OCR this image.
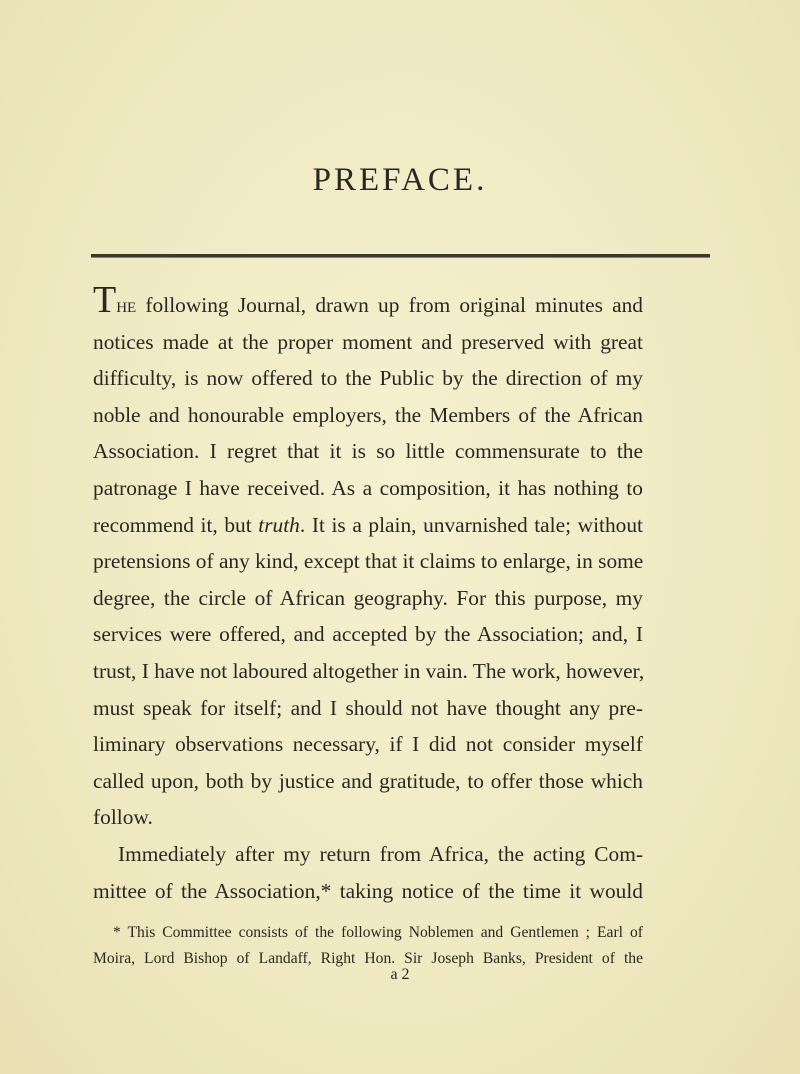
PREFACE.
The following Journal, drawn up from original minutes and
notices made at the proper moment and preserved with great
difficulty, is now offered to the Public by the direction of my
noble and honourable employers, the Members of the African
Association. I regret that it is so little commensurate to the
patronage I have received. As a composition, it has nothing to
recommend it, but truth. It is a plain, unvarnished tale; without
pretensions of any kind, except that it claims to enlarge, in some
degree, the circle of African geography. For this purpose, my
services were offered, and accepted by the Association; and, I
trust, I have not laboured altogether in vain. The work, however,
must speak for itself; and I should not have thought any pre-
liminary observations necessary, if I did not consider myself
called upon, both by justice and gratitude, to offer those which
follow.
Immediately after my return from Africa, the acting Com-
mittee of the Association,* taking notice of the time it would
* This Committee consists of the following Noblemen and Gentlemen ; Earl of
Moira, Lord Bishop of Landaff, Right Hon. Sir Joseph Banks, President of the
a 2
